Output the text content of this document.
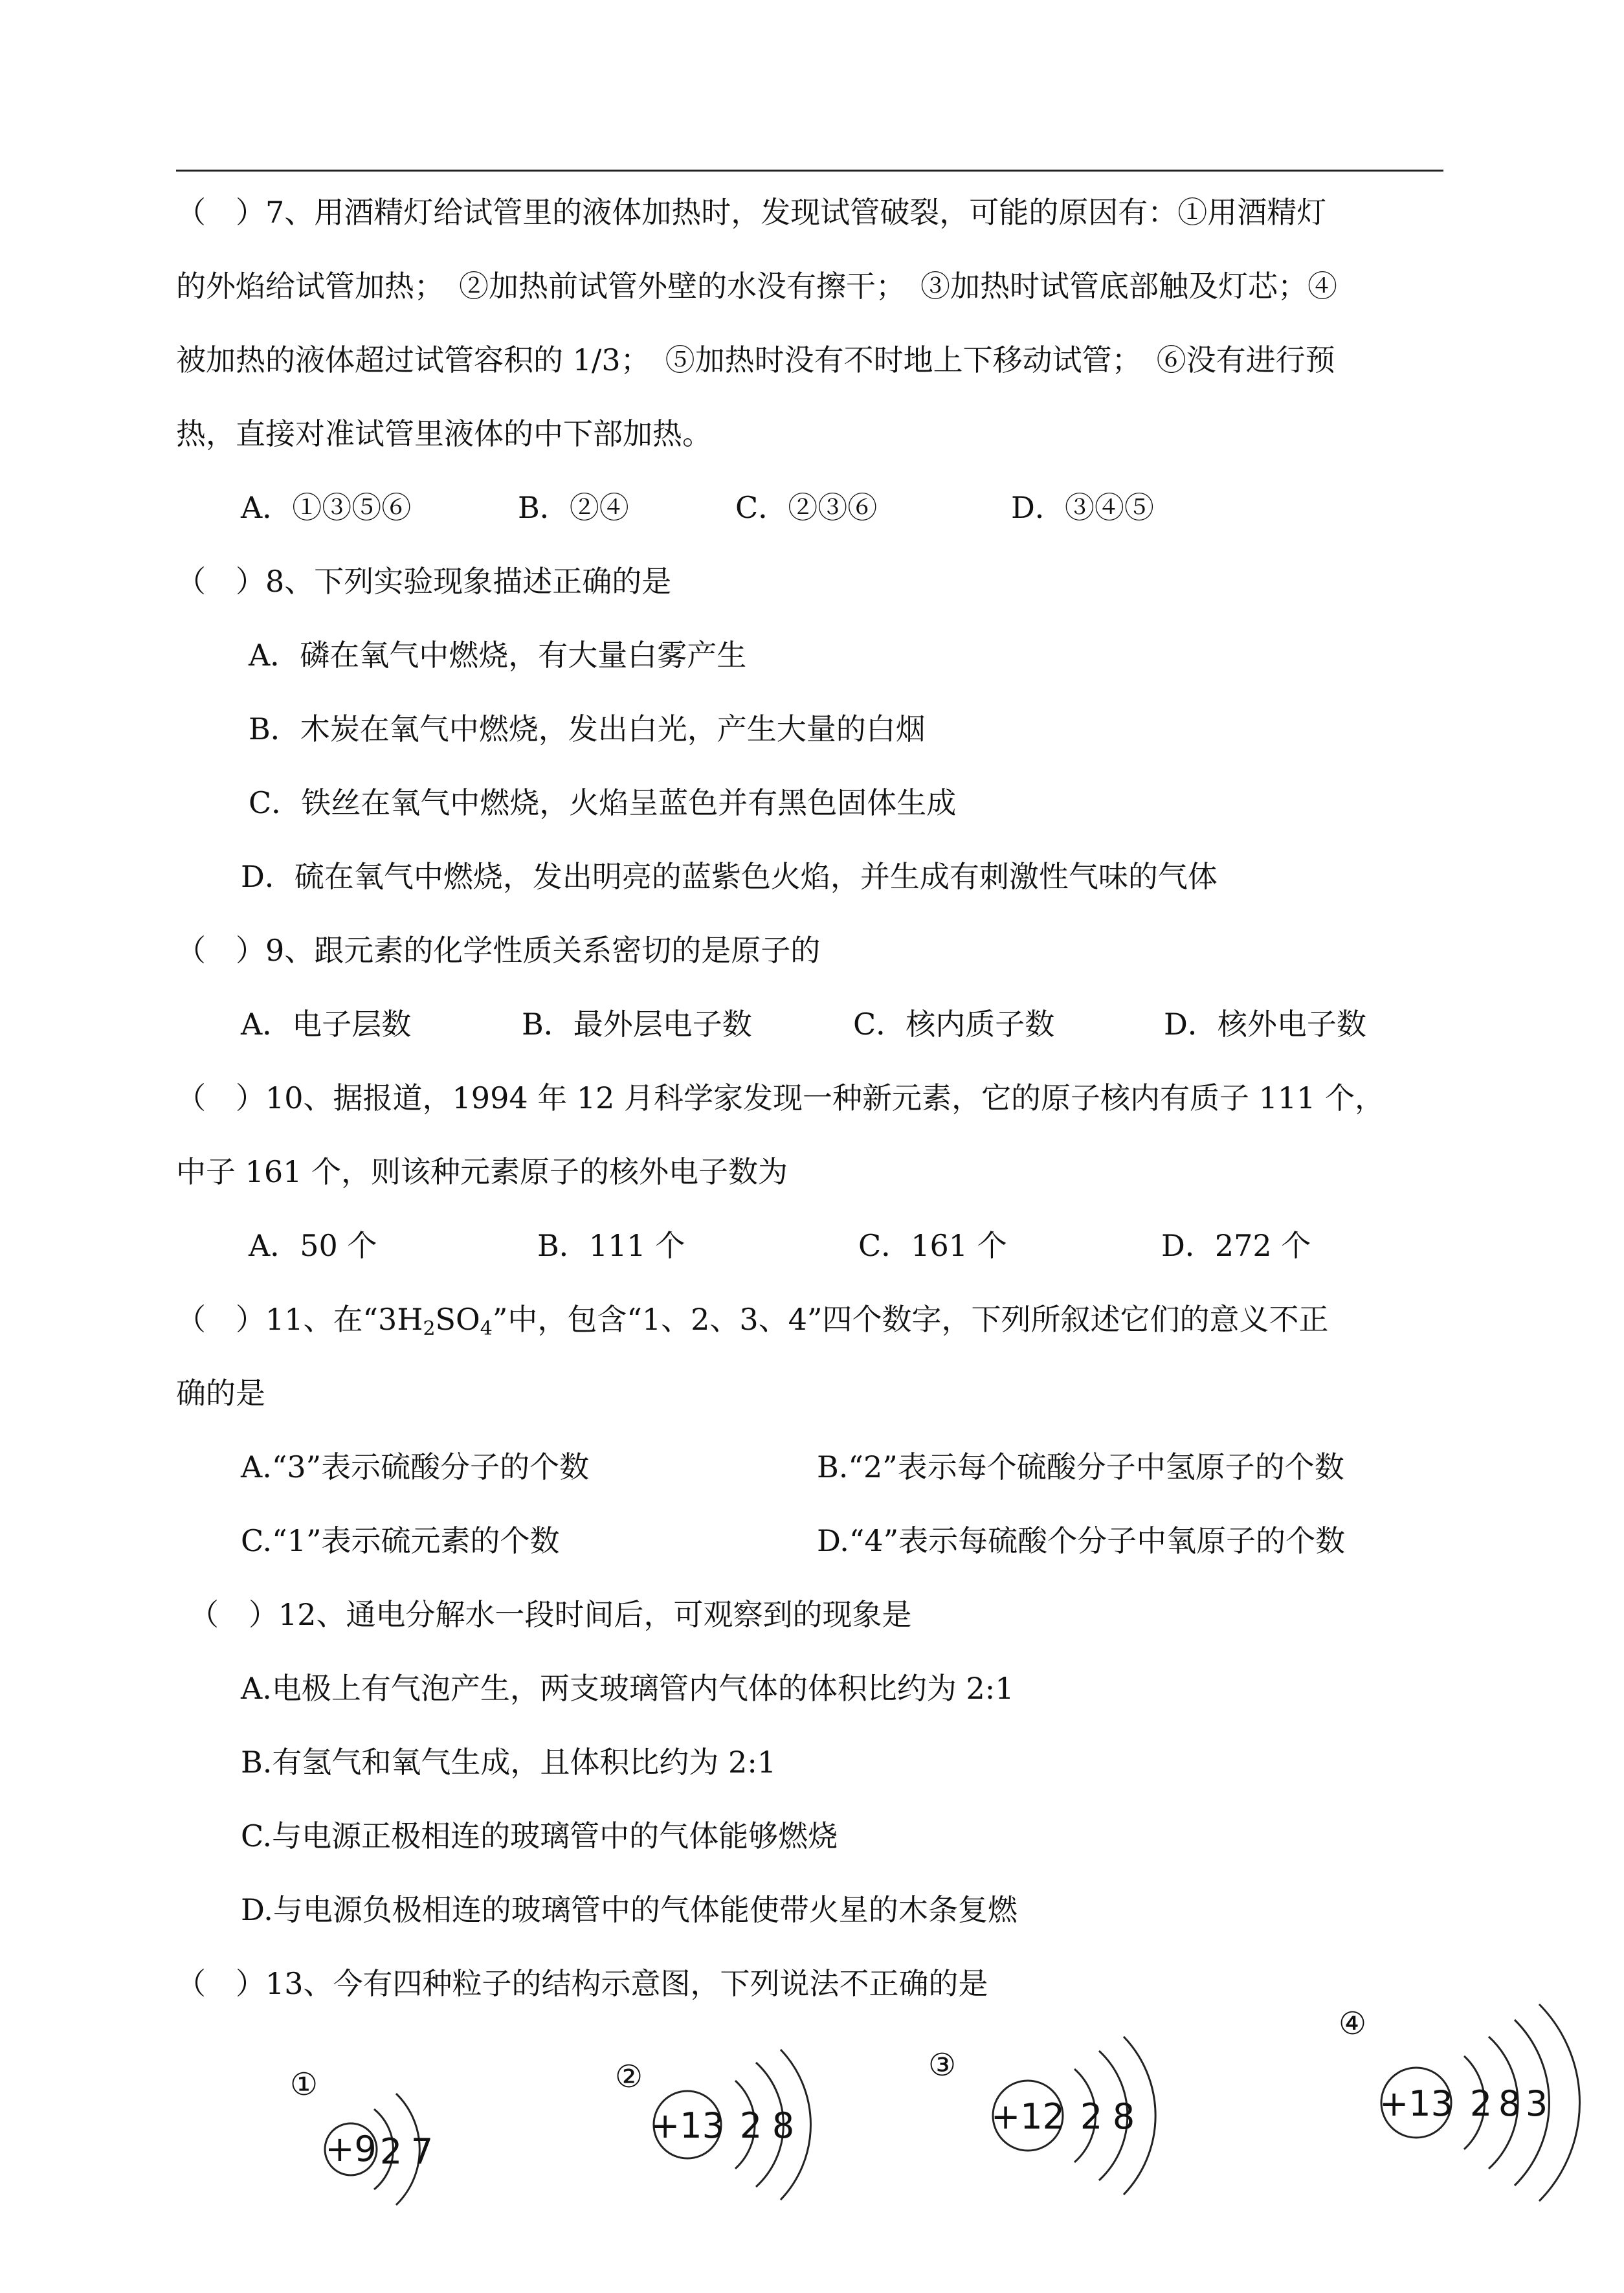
（　）7、用酒精灯给试管里的液体加热时，发现试管破裂，可能的原因有：①用酒精灯
的外焰给试管加热；　②加热前试管外壁的水没有擦干；　③加热时试管底部触及灯芯；④
被加热的液体超过试管容积的 1/3；　⑤加热时没有不时地上下移动试管；　⑥没有进行预
热，直接对准试管里液体的中下部加热。
A．①③⑤⑥	B．②④	C．②③⑥	D．③④⑤
（　）8、下列实验现象描述正确的是
A．磷在氧气中燃烧，有大量白雾产生
B．木炭在氧气中燃烧，发出白光，产生大量的白烟
C．铁丝在氧气中燃烧，火焰呈蓝色并有黑色固体生成
D．硫在氧气中燃烧，发出明亮的蓝紫色火焰，并生成有刺激性气味的气体
（　）9、跟元素的化学性质关系密切的是原子的
A．电子层数	B．最外层电子数	C．核内质子数	D．核外电子数
（　）10、据报道，1994 年 12 月科学家发现一种新元素，它的原子核内有质子 111 个，
中子 161 个，则该种元素原子的核外电子数为
A．50 个	B．111 个	C．161 个	D．272 个
（　）11、在“$3H_2SO_4$”中，包含“1、2、3、4”四个数字，下列所叙述它们的意义不正
确的是
A.“3”表示硫酸分子的个数	B.“2”表示每个硫酸分子中氢原子的个数
C.“1”表示硫元素的个数	D.“4”表示每硫酸个分子中氧原子的个数
（　）12、通电分解水一段时间后，可观察到的现象是
A.电极上有气泡产生，两支玻璃管内气体的体积比约为 2:1
B.有氢气和氧气生成，且体积比约为 2:1
C.与电源正极相连的玻璃管中的气体能够燃烧
D.与电源负极相连的玻璃管中的气体能使带火星的木条复燃
（　）13、今有四种粒子的结构示意图，下列说法不正确的是
①	②	③
④
+9 2 7
+13 2 8	+12 2 8	+13 2 8 3
